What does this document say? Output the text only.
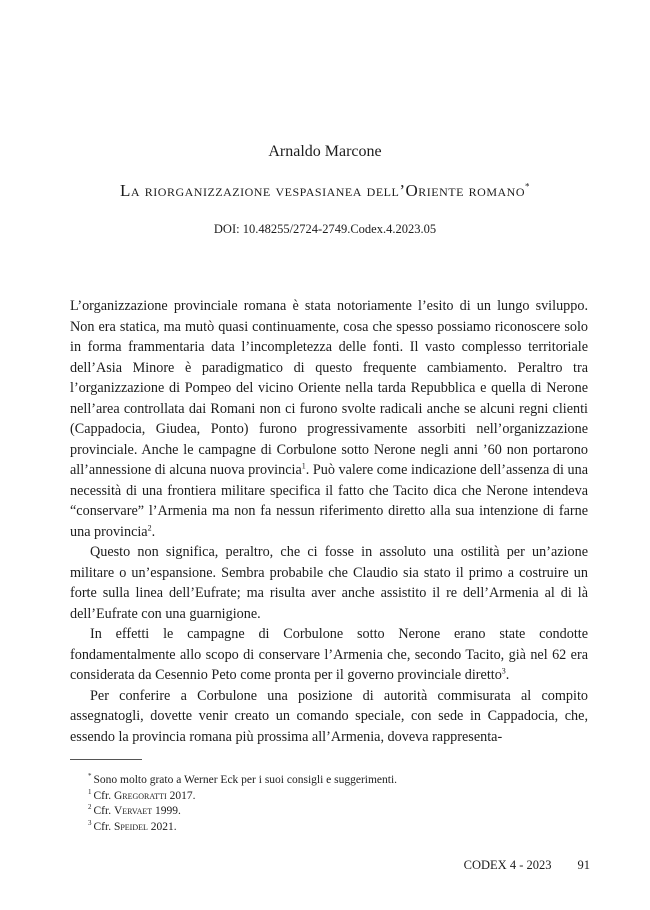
Arnaldo Marcone
La riorganizzazione vespasianea dell’Oriente romano*
DOI: 10.48255/2724-2749.Codex.4.2023.05

L’organizzazione provinciale romana è stata notoriamente l’esito di un lungo sviluppo. Non era statica, ma mutò quasi continuamente, cosa che spesso possiamo riconoscere solo in forma frammentaria data l’incompletezza delle fonti. Il vasto complesso territoriale dell’Asia Minore è paradigmatico di questo frequente cambiamento. Peraltro tra l’organizzazione di Pompeo del vicino Oriente nella tarda Repubblica e quella di Nerone nell’area controllata dai Romani non ci furono svolte radicali anche se alcuni regni clienti (Cappadocia, Giudea, Ponto) furono progressivamente assorbiti nell’organizzazione provinciale. Anche le campagne di Corbulone sotto Nerone negli anni ’60 non portarono all’annessione di alcuna nuova provincia$^1$. Può valere come indicazione dell’assenza di una necessità di una frontiera militare specifica il fatto che Tacito dica che Nerone intendeva “conservare” l’Armenia ma non fa nessun riferimento diretto alla sua intenzione di farne una provincia$^2$.

Questo non significa, peraltro, che ci fosse in assoluto una ostilità per un’azione militare o un’espansione. Sembra probabile che Claudio sia stato il primo a costruire un forte sulla linea dell’Eufrate; ma risulta aver anche assistito il re dell’Armenia al di là dell’Eufrate con una guarnigione.

In effetti le campagne di Corbulone sotto Nerone erano state condotte fondamentalmente allo scopo di conservare l’Armenia che, secondo Tacito, già nel 62 era considerata da Cesennio Peto come pronta per il governo provinciale diretto$^3$.

Per conferire a Corbulone una posizione di autorità commisurata al compito assegnatogli, dovette venir creato un comando speciale, con sede in Cappadocia, che, essendo la provincia romana più prossima all’Armenia, doveva rappresenta-

* Sono molto grato a Werner Eck per i suoi consigli e suggerimenti.
$^1$ Cfr. Gregoratti 2017.
$^2$ Cfr. Vervaet 1999.
$^3$ Cfr. Speidel 2021.
CODEX 4 - 2023 91
